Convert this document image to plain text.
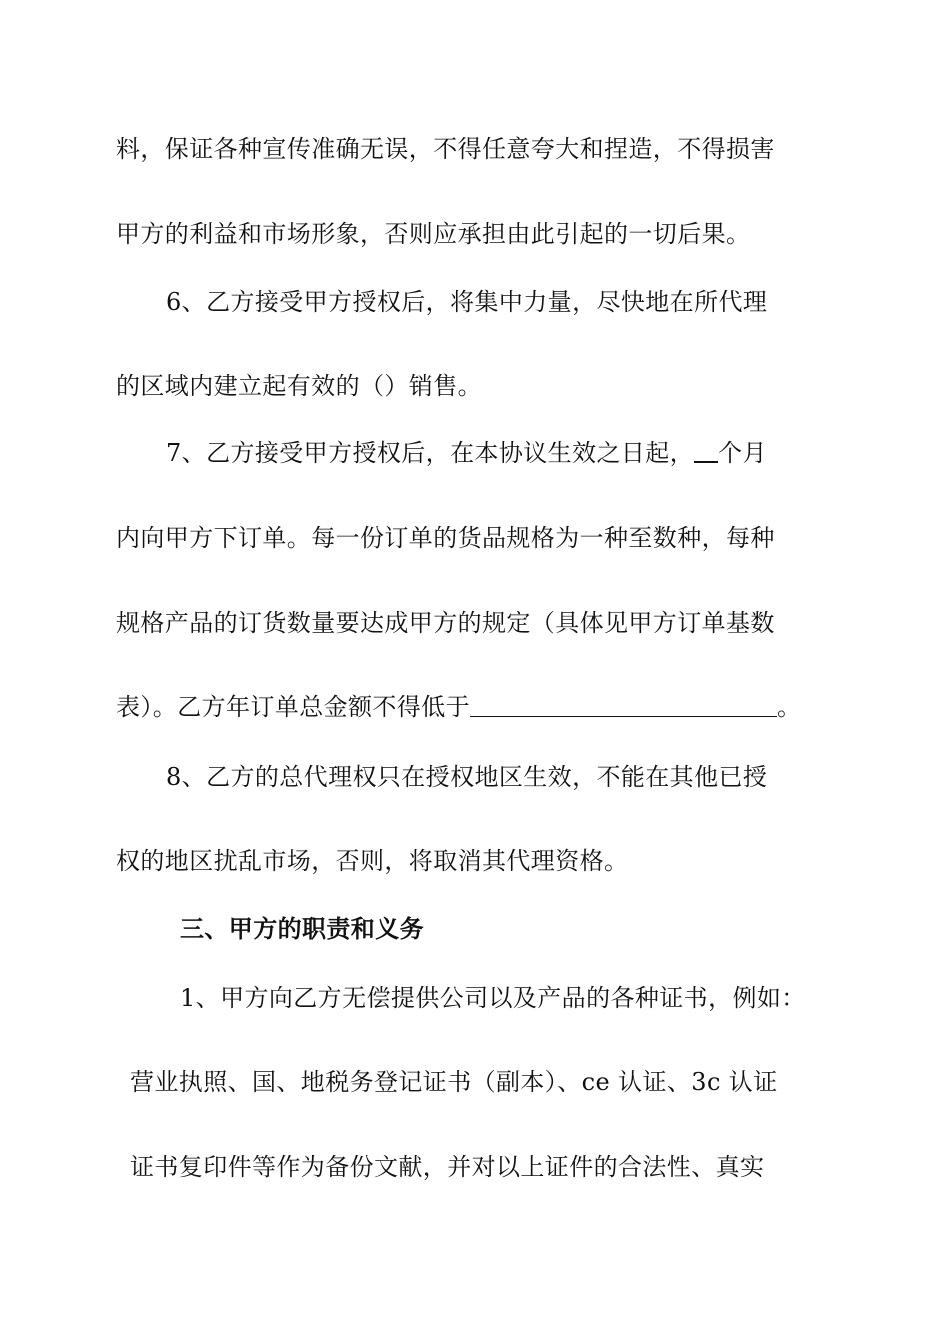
料，保证各种宣传准确无误，不得任意夸大和捏造，不得损害
甲方的利益和市场形象，否则应承担由此引起的一切后果。
6、乙方接受甲方授权后，将集中力量，尽快地在所代理
的区域内建立起有效的（）销售。
7、乙方接受甲方授权后，在本协议生效之日起， 个月
内向甲方下订单。每一份订单的货品规格为一种至数种，每种
规格产品的订货数量要达成甲方的规定（具体见甲方订单基数
表）。乙方年订单总金额不得低于	。
8、乙方的总代理权只在授权地区生效，不能在其他已授
权的地区扰乱市场，否则，将取消其代理资格。
三、甲方的职责和义务
1、甲方向乙方无偿提供公司以及产品的各种证书，例如：
营业执照、国、地税务登记证书（副本）、ce 认证、3c 认证
证书复印件等作为备份文献，并对以上证件的合法性、真实
